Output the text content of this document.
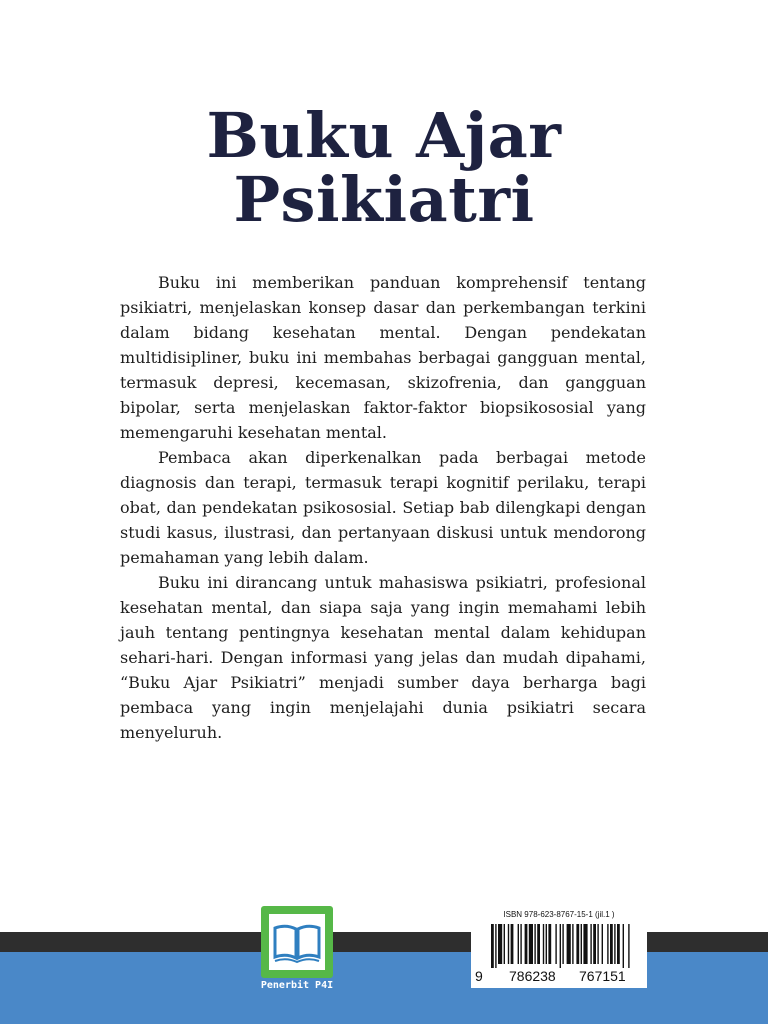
Buku Ajar
Psikiatri

Buku ini memberikan panduan komprehensif tentang psikiatri, menjelaskan konsep dasar dan perkembangan terkini dalam bidang kesehatan mental. Dengan pendekatan multidisipliner, buku ini membahas berbagai gangguan mental, termasuk depresi, kecemasan, skizofrenia, dan gangguan bipolar, serta menjelaskan faktor-faktor biopsikososial yang memengaruhi kesehatan mental.

Pembaca akan diperkenalkan pada berbagai metode diagnosis dan terapi, termasuk terapi kognitif perilaku, terapi obat, dan pendekatan psikososial. Setiap bab dilengkapi dengan studi kasus, ilustrasi, dan pertanyaan diskusi untuk mendorong pemahaman yang lebih dalam.

Buku ini dirancang untuk mahasiswa psikiatri, profesional kesehatan mental, dan siapa saja yang ingin memahami lebih jauh tentang pentingnya kesehatan mental dalam kehidupan sehari-hari. Dengan informasi yang jelas dan mudah dipahami, “Buku Ajar Psikiatri” menjadi sumber daya berharga bagi pembaca yang ingin menjelajahi dunia psikiatri secara menyeluruh.

Penerbit P4I
ISBN 978-623-8767-15-1 (jil.1 )
9 786238 767151
